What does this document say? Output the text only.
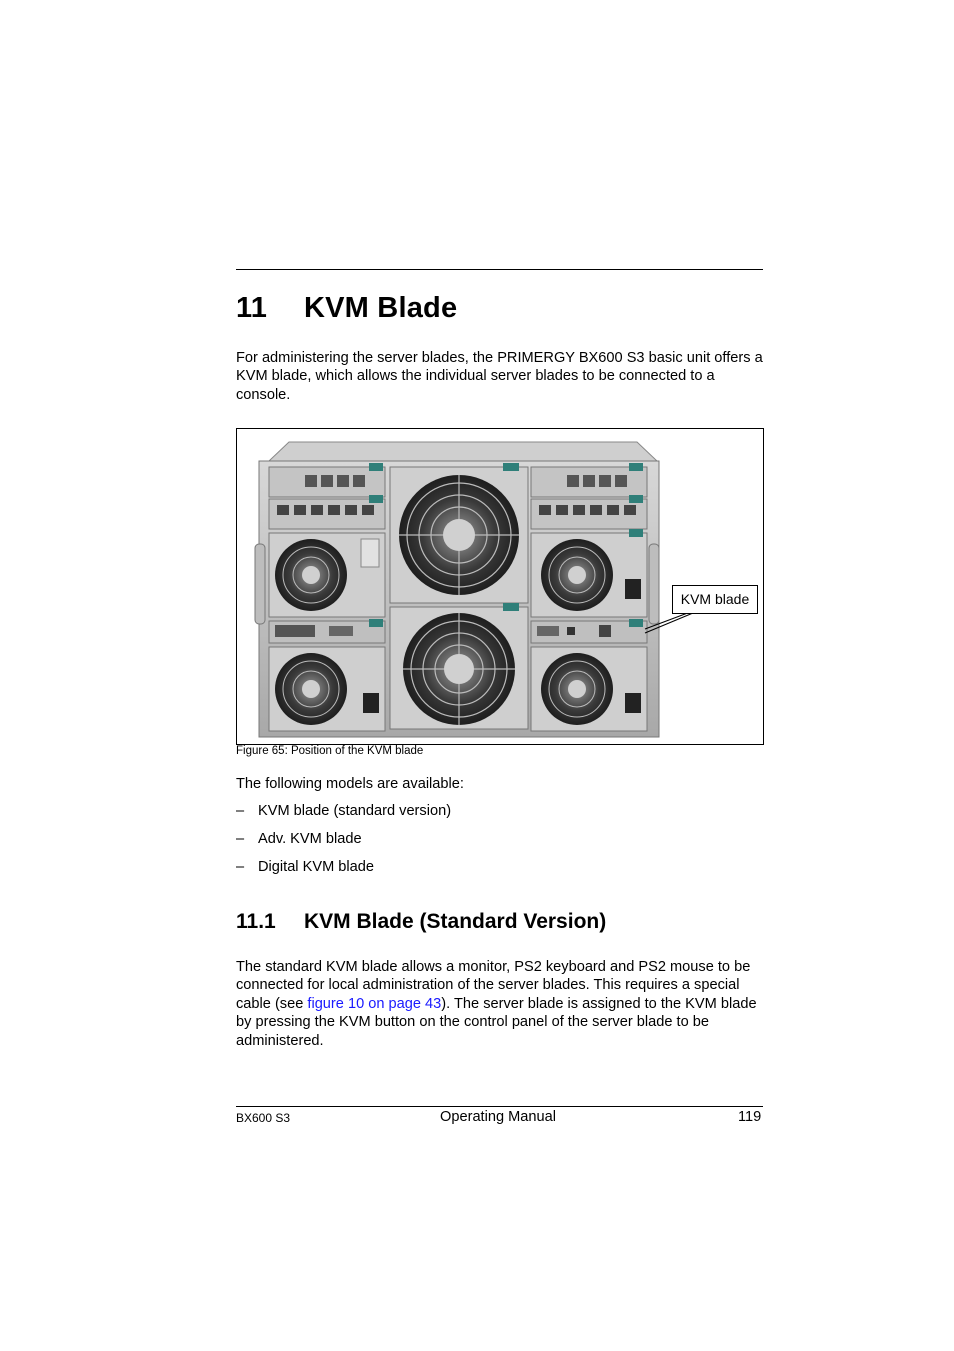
11 KVM Blade
For administering the server blades, the PRIMERGY BX600 S3 basic unit offers a KVM blade, which allows the individual server blades to be connected to a console.
KVM blade
Figure 65: Position of the KVM blade
The following models are available:
– KVM blade (standard version)
– Adv. KVM blade
– Digital KVM blade
11.1 KVM Blade (Standard Version)
The standard KVM blade allows a monitor, PS2 keyboard and PS2 mouse to be connected for local administration of the server blades. This requires a special cable (see figure 10 on page 43). The server blade is assigned to the KVM blade by pressing the KVM button on the control panel of the server blade to be administered.
BX600 S3	Operating Manual	119
